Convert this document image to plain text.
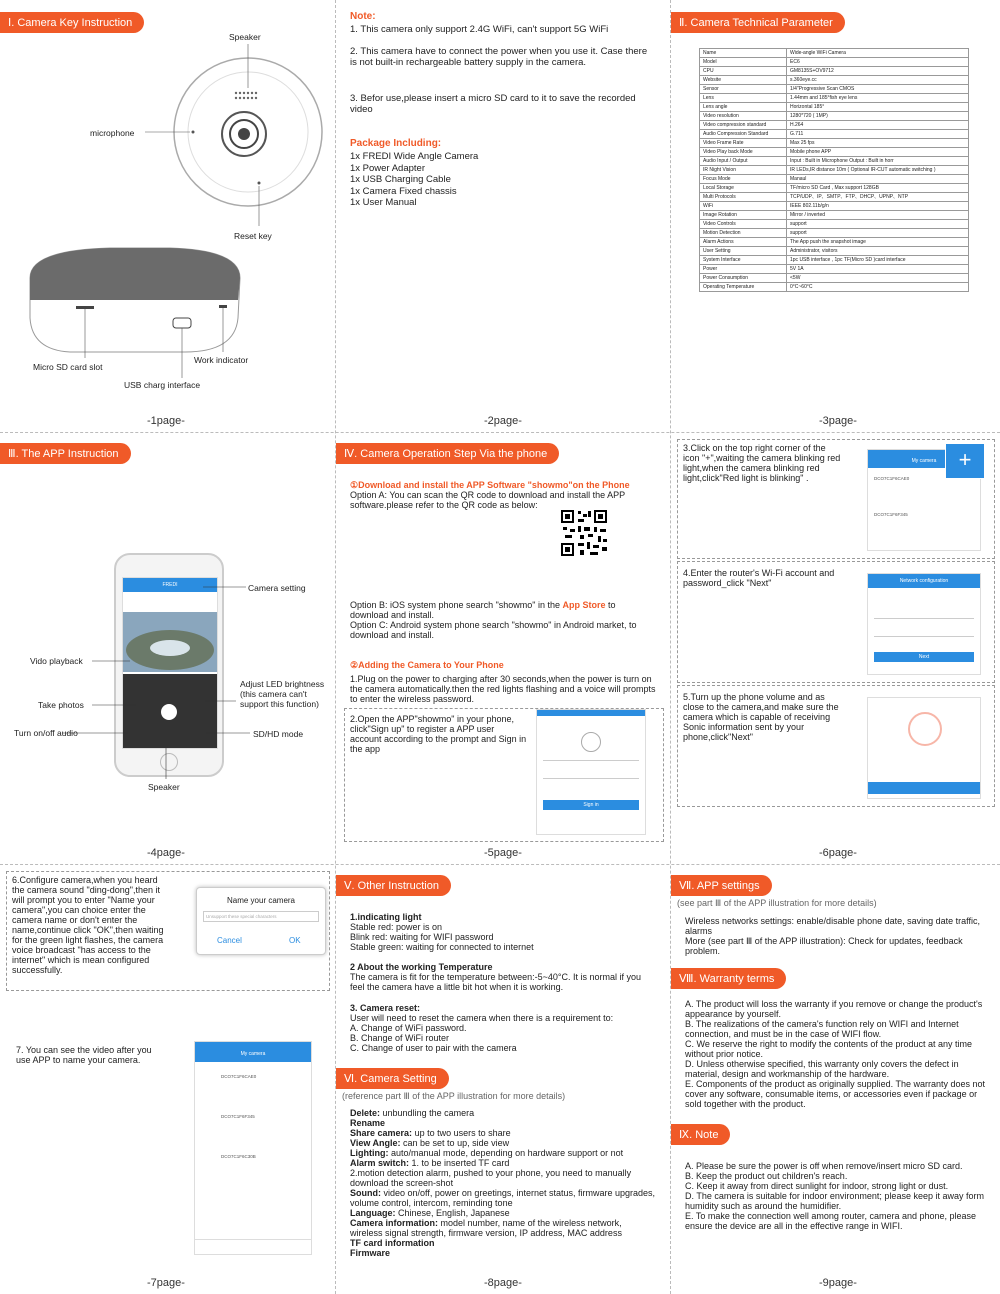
Ⅰ. Camera Key Instruction
Speaker
microphone
Reset key
Micro SD card slot
Work indicator
USB charg interface
-1page-
Note:
1. This camera only support 2.4G WiFi, can't support 5G WiFi
2. This camera have to connect the power when you use it. Case there is not built-in rechargeable battery supply in the camera.
3. Befor use,please insert a micro SD card to it to save the recorded video
Package Including:
1x FREDI Wide Angle Camera
1x Power Adapter
1x USB Charging Cable
1x Camera Fixed chassis
1x User Manual
-2page-
Ⅱ. Camera Technical Parameter
Name	Wide-angle WiFi Camera
Model	EC6
CPU	GM8135S+OV9712
Website	s.360eye.cc
Sensor	1/4"Progressive Scan CMOS
Lens	1.44mm and 185°fish eye lens
Lens angle	Horizontal 185°
Video resolution	1280*720 ( 1MP)
Video compression standard	H.264
Audio Compression Standard	G.711
Video Frame Rate	Max 25 fps
Video Play back Mode	Mobile phone APP
Audio Input / Output	Input : Built in Microphone Output : Built in horr
IR Night Vision	IR LEDs,IR distance 10m ( Optional IR-CUT automatic switching )
Focus Mode	Manaul
Local Storage	TF/micro SD Card , Max support 128GB
Multi Protocols	TCP/UDP、IP、SMTP、FTP、DHCP、UPNP、NTP
WiFi	IEEE 802.11b/g/n
Image Rotation	Mirror / inverted
Video Controls	support
Motion Detection	support
Alarm Actions	The App push the snapshot image
User Setting	Administrator, visitors
System Interface	1pc USB interface , 1pc TF(Micro SD )card interface
Power	5V 1A
Power Consumption	<5W
Operating Temperature	0°C~60°C
-3page-
Ⅲ. The APP Instruction
FREDI	Camera setting
Vido playback
Adjust LED brightness (this camera can't support this function)
Take photos
Turn on/off audio	SD/HD mode
Speaker
-4page-
Ⅳ. Camera Operation Step Via the phone
①Download and install the APP Software "showmo"on the Phone
Option A: You can scan the QR code to download and install the APP software.please refer to the QR code as below:
Option B: iOS system phone search "showmo" in the App Store to download and install.
Option C: Android system phone search "showmo" in Android market, to download and install.
②Adding the Camera to Your Phone
1.Plug on the power to charging after 30 seconds,when the power is turn on the camera automatically.then the red lights flashing and a voice will prompts to enter the wireless password.
2.Open the APP"showmo" in your phone, click"Sign up" to register a APP user account according to the prompt and Sign in the app
Sign in
-5page-
3.Click on the top right corner of the icon "+",waiting the camera blinking red light,when the camera blinking red light,click"Red light is blinking" .
My camera
DCO7C1F6CAE0
DCO7C1F6F345
+
4.Enter the router's Wi-Fi account and password_click "Next"	Network configuration
Next
5.Turn up the phone volume and as close to the camera,and make sure the camera which is capable of receiving Sonic information sent by your phone,click"Next"
-6page-
6.Configure camera,when you heard the camera sound "ding-dong",then it will prompt you to enter "Name your camera",you can choice enter the camera name or don't enter the name,continue click "OK",then waiting for the green light flashes, the camera voice broadcast "has access to the internet" which is mean configured successfully.
Name your camera
Unsupport these special characters
Cancel	OK
7. You can see the video after you use APP to name your camera.
My camera
DCO7C1F6CAE0
DCO7C1F6F345
DCO7C1F6C30B
-7page-
Ⅴ. Other Instruction
1.indicating light
Stable red: power is on
Blink red: waiting for WIFI password
Stable green: waiting for connected to internet
2 About the working Temperature
The camera is fit for the temperature between:-5~40°C. It is normal if you feel the camera have a little bit hot when it is working.
3. Camera reset:
User will need to reset the camera when there is a requirement to:
A. Change of WiFi password.
B. Change of WiFi router
C. Change of user to pair with the camera
Ⅵ. Camera Setting
(reference part Ⅲ of the APP illustration for more details)
Delete: unbundling the camera
Rename
Share camera: up to two users to share
View Angle: can be set to up, side view
Lighting: auto/manual mode, depending on hardware support or not
Alarm switch: 1. to be inserted TF card
2.motion detection alarm, pushed to your phone, you need to manually download the screen-shot
Sound: video on/off, power on greetings, internet status, firmware upgrades, volume control, intercom, reminding tone
Language: Chinese, English, Japanese
Camera information: model number, name of the wireless network, wireless signal strength, firmware version, IP address, MAC address
TF card information
Firmware
-8page-
Ⅶ. APP settings
(see part Ⅲ of the APP illustration for more details)
Wireless networks settings: enable/disable phone date, saving date traffic, alarms
More (see part Ⅲ of the APP illustration): Check for updates, feedback problem.
Ⅷ. Warranty terms
A. The product will loss the warranty if you remove or change the product's appearance by yourself.
B. The realizations of the camera's function rely on WIFI and Internet connection, and must be in the case of WIFI flow.
C. We reserve the right to modify the contents of the product at any time without prior notice.
D. Unless otherwise specified, this warranty only covers the defect in material, design and workmanship of the hardware.
E. Components of the product as originally supplied. The warranty does not cover any software, consumable items, or accessories even if package or sold together with the product.
Ⅸ. Note
A. Please be sure the power is off when remove/insert micro SD card.
B. Keep the product out children's reach.
C. Keep it away from direct sunlight for indoor, strong light or dust.
D. The camera is suitable for indoor environment; please keep it away form humidity such as around the humidifier.
E. To make the connection well among router, camera and phone, please ensure the device are all in the effective range in WIFI.
-9page-
